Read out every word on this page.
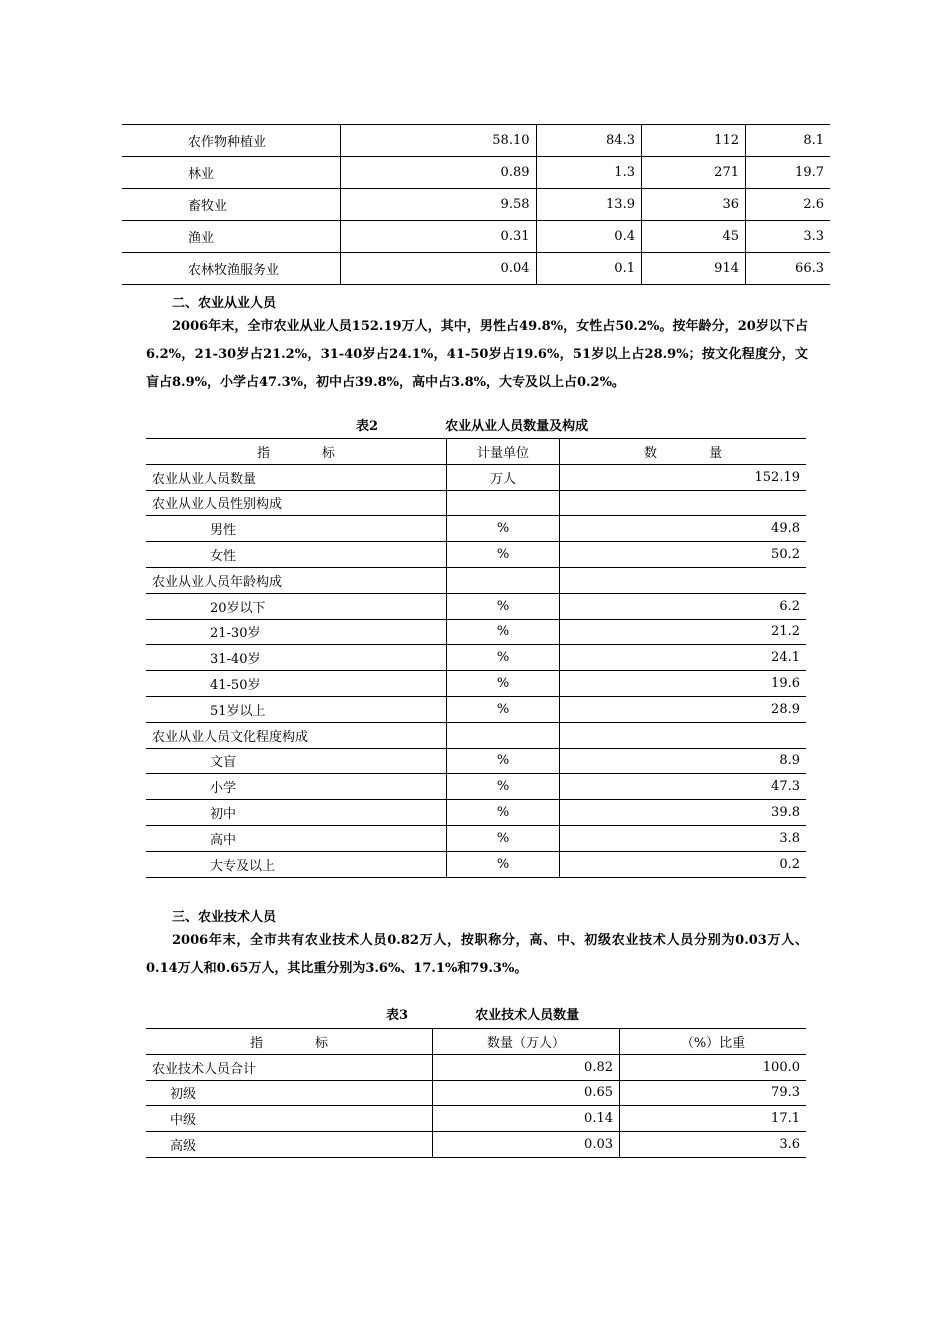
农作物种植业	58.10	84.3	112	8.1
林业	0.89	1.3	271	19.7
畜牧业	9.58	13.9	36	2.6
渔业	0.31	0.4	45	3.3
农林牧渔服务业	0.04	0.1	914	66.3
二、农业从业人员
2006年末，全市农业从业人员152.19万人，其中，男性占49.8%，女性占50.2%。按年龄分，20岁以下占6.2%，21-30岁占21.2%，31-40岁占24.1%，41-50岁占19.6%，51岁以上占28.9%；按文化程度分，文盲占8.9%，小学占47.3%，初中占39.8%，高中占3.8%，大专及以上占0.2%。
表2	农业从业人员数量及构成
指　　　　标	计量单位	数　　　　量
农业从业人员数量	万人	152.19
农业从业人员性别构成		
男性	%	49.8
女性	%	50.2
农业从业人员年龄构成		
20岁以下	%	6.2
21-30岁	%	21.2
31-40岁	%	24.1
41-50岁	%	19.6
51岁以上	%	28.9
农业从业人员文化程度构成		
文盲	%	8.9
小学	%	47.3
初中	%	39.8
高中	%	3.8
大专及以上	%	0.2
三、农业技术人员
2006年末，全市共有农业技术人员0.82万人，按职称分，高、中、初级农业技术人员分别为0.03万人、0.14万人和0.65万人，其比重分别为3.6%、17.1%和79.3%。
表3	农业技术人员数量
指　　　　标	数量（万人）	（%）比重
农业技术人员合计	0.82	100.0
初级	0.65	79.3
中级	0.14	17.1
高级	0.03	3.6
